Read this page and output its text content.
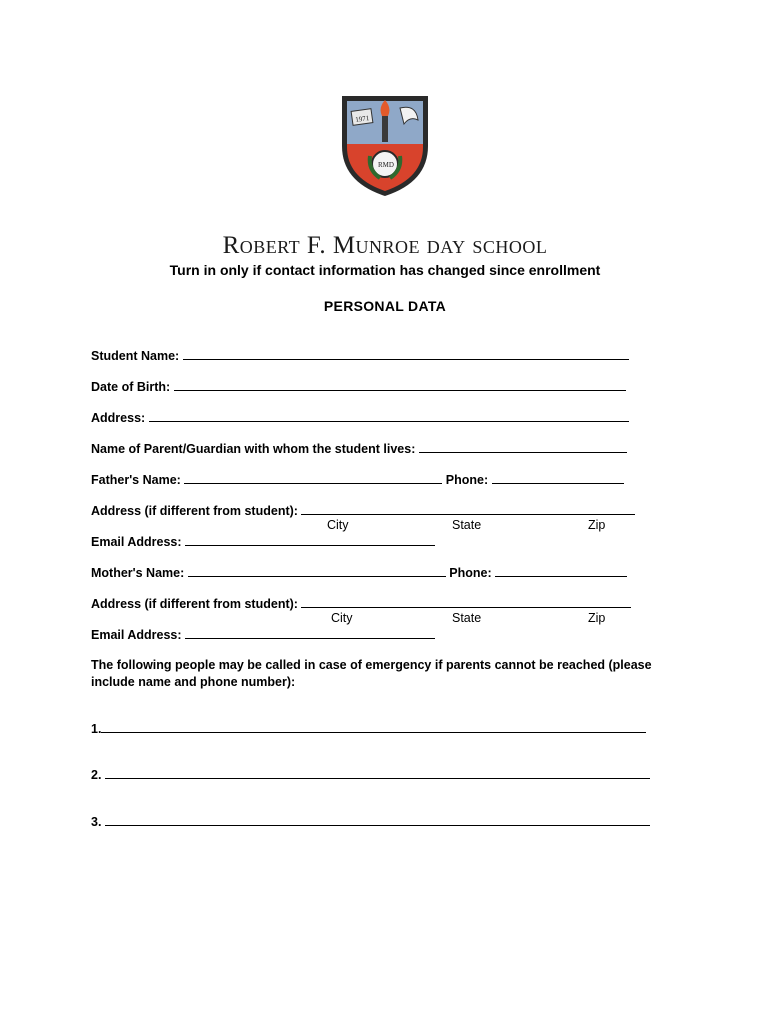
1971
RMD
Robert F. Munroe day school
Turn in only if contact information has changed since enrollment
PERSONAL DATA
Student Name:
Date of Birth:
Address:
Name of Parent/Guardian with whom the student lives:
Father's Name:	Phone:
Address (if different from student):
City	State	Zip
Email Address:
Mother's Name:	Phone:
Address (if different from student):
City	State	Zip
Email Address:
The following people may be called in case of emergency if parents cannot be reached (please include name and phone number):
1.
2.
3.
